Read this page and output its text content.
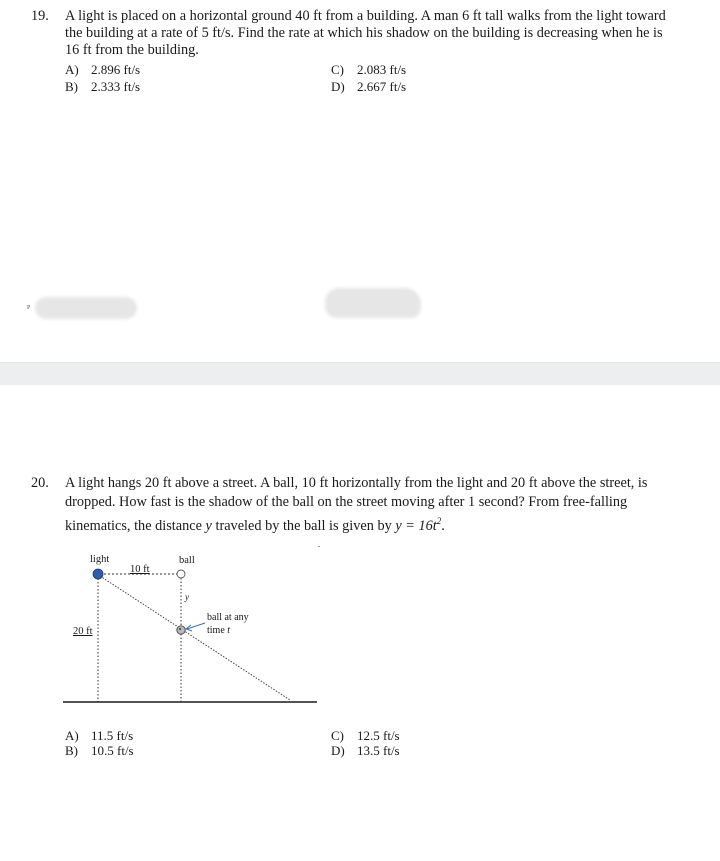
19. A light is placed on a horizontal ground 40 ft from a building. A man 6 ft tall walks from the light toward
the building at a rate of 5 ft/s. Find the rate at which his shadow on the building is decreasing when he is
16 ft from the building.
A) 2.896 ft/s
B) 2.333 ft/s
C) 2.083 ft/s
D) 2.667 ft/s
P
20. A light hangs 20 ft above a street. A ball, 10 ft horizontally from the light and 20 ft above the street, is
dropped. How fast is the shadow of the ball on the street moving after 1 second? From free-falling
kinematics, the distance y traveled by the ball is given by $y = 16t^2$.
light	ball
10 ft
20 ft
y
ball at any
time t
A) 11.5 ft/s
B) 10.5 ft/s
C) 12.5 ft/s
D) 13.5 ft/s
